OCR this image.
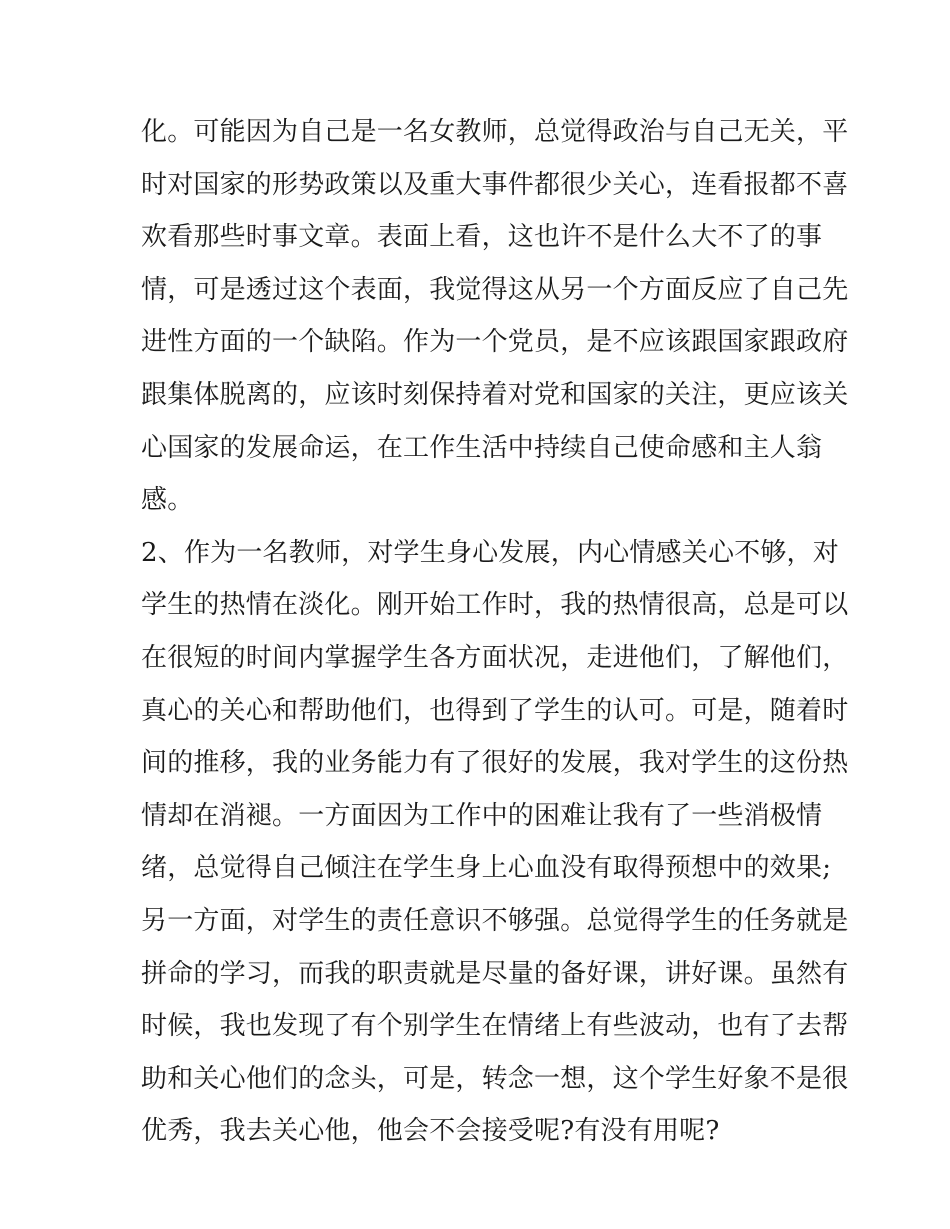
化。可能因为自己是一名女教师，总觉得政治与自己无关，平
时对国家的形势政策以及重大事件都很少关心，连看报都不喜
欢看那些时事文章。表面上看，这也许不是什么大不了的事
情，可是透过这个表面，我觉得这从另一个方面反应了自己先
进性方面的一个缺陷。作为一个党员，是不应该跟国家跟政府
跟集体脱离的，应该时刻保持着对党和国家的关注，更应该关
心国家的发展命运，在工作生活中持续自己使命感和主人翁
感。
2、作为一名教师，对学生身心发展，内心情感关心不够，对
学生的热情在淡化。刚开始工作时，我的热情很高，总是可以
在很短的时间内掌握学生各方面状况，走进他们，了解他们，
真心的关心和帮助他们，也得到了学生的认可。可是，随着时
间的推移，我的业务能力有了很好的发展，我对学生的这份热
情却在消褪。一方面因为工作中的困难让我有了一些消极情
绪，总觉得自己倾注在学生身上心血没有取得预想中的效果;
另一方面，对学生的责任意识不够强。总觉得学生的任务就是
拼命的学习，而我的职责就是尽量的备好课，讲好课。虽然有
时候，我也发现了有个别学生在情绪上有些波动，也有了去帮
助和关心他们的念头，可是，转念一想，这个学生好象不是很
优秀，我去关心他，他会不会接受呢?有没有用呢?
